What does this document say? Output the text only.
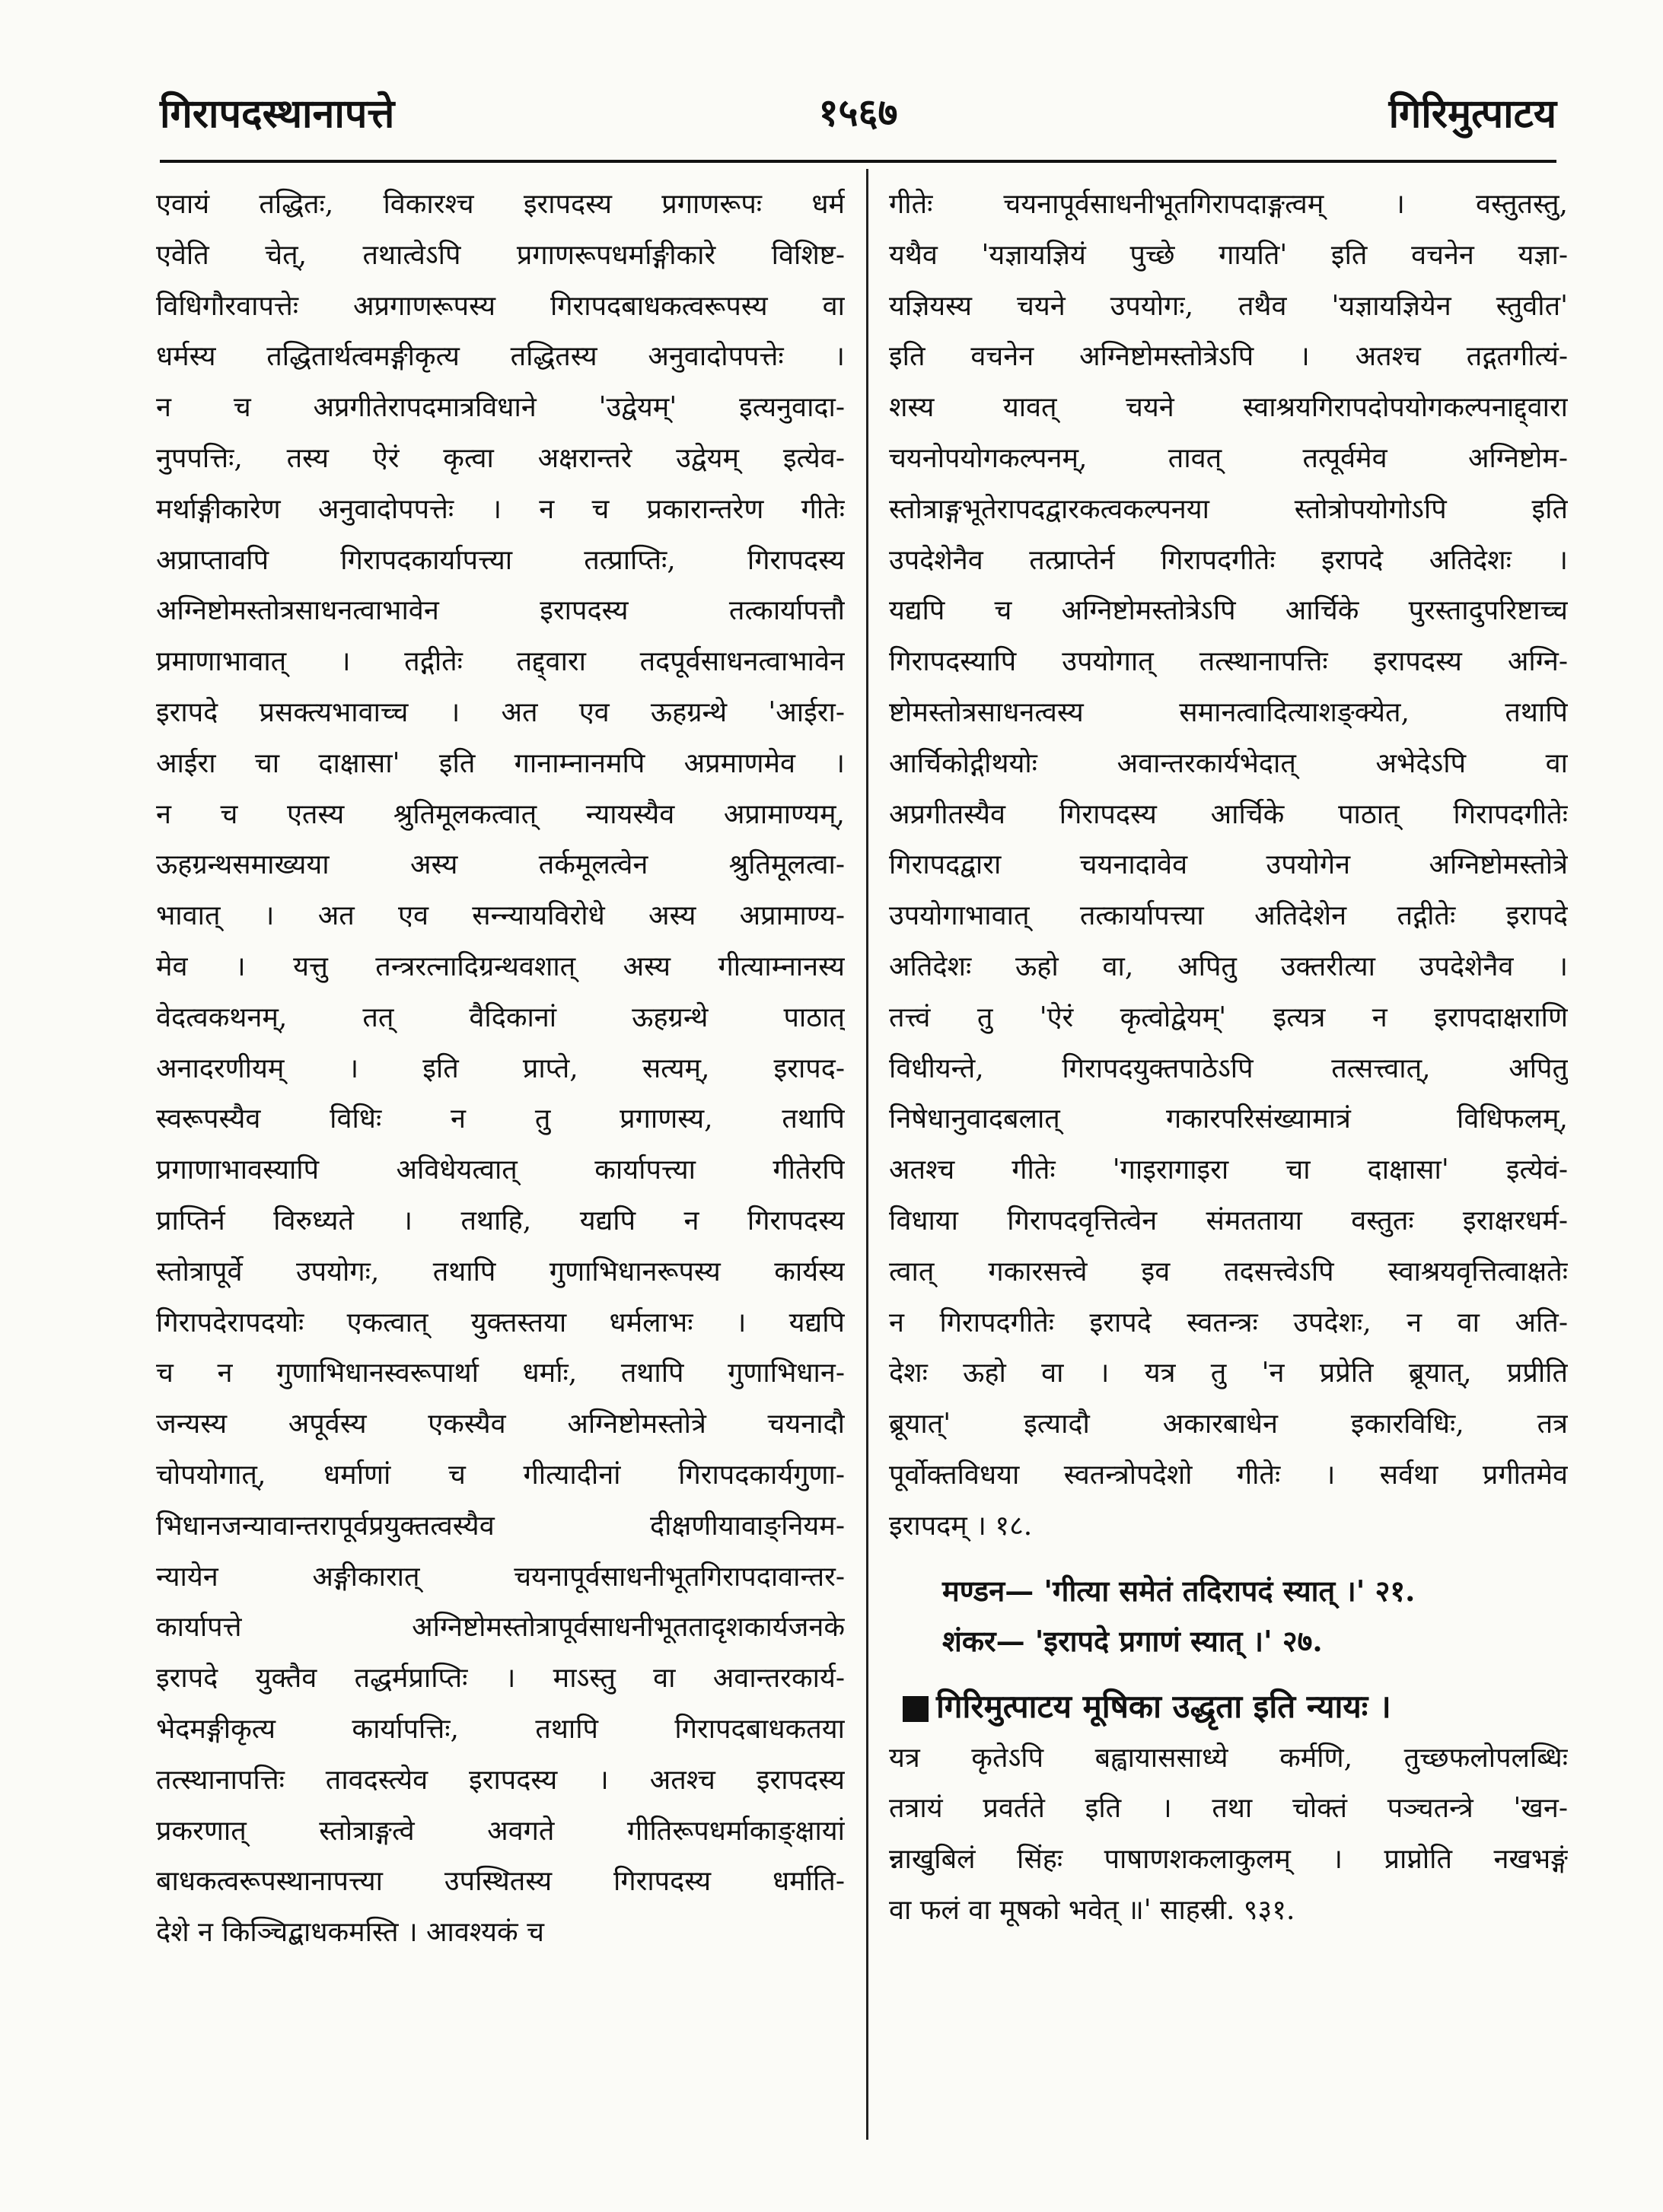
गिरापदस्थानापत्ते	१५६७	गिरिमुत्पाटय
एवायं तद्धितः, विकारश्च इरापदस्य प्रगाणरूपः धर्म
एवेति चेत्, तथात्वेऽपि प्रगाणरूपधर्माङ्गीकारे विशिष्ट-
विधिगौरवापत्तेः अप्रगाणरूपस्य गिरापदबाधकत्वरूपस्य वा
धर्मस्य तद्धितार्थत्वमङ्गीकृत्य तद्धितस्य अनुवादोपपत्तेः ।
न च अप्रगीतेरापदमात्रविधाने 'उद्वेयम्' इत्यनुवादा-
नुपपत्तिः, तस्य ऐरं कृत्वा अक्षरान्तरे उद्वेयम् इत्येव-
मर्थाङ्गीकारेण अनुवादोपपत्तेः । न च प्रकारान्तरेण गीतेः
अप्राप्तावपि गिरापदकार्यापत्त्या तत्प्राप्तिः, गिरापदस्य
अग्निष्टोमस्तोत्रसाधनत्वाभावेन इरापदस्य तत्कार्यापत्तौ
प्रमाणाभावात् । तद्गीतेः तद्द्वारा तदपूर्वसाधनत्वाभावेन
इरापदे प्रसक्त्यभावाच्च । अत एव ऊहग्रन्थे 'आईरा-
आईरा चा दाक्षासा' इति गानाम्नानमपि अप्रमाणमेव ।
न च एतस्य श्रुतिमूलकत्वात् न्यायस्यैव अप्रामाण्यम्,
ऊहग्रन्थसमाख्यया अस्य तर्कमूलत्वेन श्रुतिमूलत्वा-
भावात् । अत एव सन्न्यायविरोधे अस्य अप्रामाण्य-
मेव । यत्तु तन्त्ररत्नादिग्रन्थवशात् अस्य गीत्याम्नानस्य
वेदत्वकथनम्, तत् वैदिकानां ऊहग्रन्थे पाठात्
अनादरणीयम् । इति प्राप्ते, सत्यम्, इरापद-
स्वरूपस्यैव विधिः न तु प्रगाणस्य, तथापि
प्रगाणाभावस्यापि अविधेयत्वात् कार्यापत्त्या गीतेरपि
प्राप्तिर्न विरुध्यते । तथाहि, यद्यपि न गिरापदस्य
स्तोत्रापूर्वे उपयोगः, तथापि गुणाभिधानरूपस्य कार्यस्य
गिरापदेरापदयोः एकत्वात् युक्तस्तया धर्मलाभः । यद्यपि
च न गुणाभिधानस्वरूपार्था धर्माः, तथापि गुणाभिधान-
जन्यस्य अपूर्वस्य एकस्यैव अग्निष्टोमस्तोत्रे चयनादौ
चोपयोगात्, धर्माणां च गीत्यादीनां गिरापदकार्यगुणा-
भिधानजन्यावान्तरापूर्वप्रयुक्तत्वस्यैव दीक्षणीयावाङ्नियम-
न्यायेन अङ्गीकारात् चयनापूर्वसाधनीभूतगिरापदावान्तर-
कार्यापत्ते अग्निष्टोमस्तोत्रापूर्वसाधनीभूततादृशकार्यजनके
इरापदे युक्तैव तद्धर्मप्राप्तिः । माऽस्तु वा अवान्तरकार्य-
भेदमङ्गीकृत्य कार्यापत्तिः, तथापि गिरापदबाधकतया
तत्स्थानापत्तिः तावदस्त्येव इरापदस्य । अतश्च इरापदस्य
प्रकरणात् स्तोत्राङ्गत्वे अवगते गीतिरूपधर्माकाङ्क्षायां
बाधकत्वरूपस्थानापत्त्या उपस्थितस्य गिरापदस्य धर्माति-
देशे न किञ्चिद्बाधकमस्ति । आवश्यकं च
गीतेः चयनापूर्वसाधनीभूतगिरापदाङ्गत्वम् । वस्तुतस्तु,
यथैव 'यज्ञायज्ञियं पुच्छे गायति' इति वचनेन यज्ञा-
यज्ञियस्य चयने उपयोगः, तथैव 'यज्ञायज्ञियेन स्तुवीत'
इति वचनेन अग्निष्टोमस्तोत्रेऽपि । अतश्च तद्गतगीत्यं-
शस्य यावत् चयने स्वाश्रयगिरापदोपयोगकल्पनाद्द्वारा
चयनोपयोगकल्पनम्, तावत् तत्पूर्वमेव अग्निष्टोम-
स्तोत्राङ्गभूतेरापदद्वारकत्वकल्पनया स्तोत्रोपयोगोऽपि इति
उपदेशेनैव तत्प्राप्तेर्न गिरापदगीतेः इरापदे अतिदेशः ।
यद्यपि च अग्निष्टोमस्तोत्रेऽपि आर्चिके पुरस्तादुपरिष्टाच्च
गिरापदस्यापि उपयोगात् तत्स्थानापत्तिः इरापदस्य अग्नि-
ष्टोमस्तोत्रसाधनत्वस्य समानत्वादित्याशङ्क्येत, तथापि
आर्चिकोद्गीथयोः अवान्तरकार्यभेदात् अभेदेऽपि वा
अप्रगीतस्यैव गिरापदस्य आर्चिके पाठात् गिरापदगीतेः
गिरापदद्वारा चयनादावेव उपयोगेन अग्निष्टोमस्तोत्रे
उपयोगाभावात् तत्कार्यापत्त्या अतिदेशेन तद्गीतेः इरापदे
अतिदेशः ऊहो वा, अपितु उक्तरीत्या उपदेशेनैव ।
तत्त्वं तु 'ऐरं कृत्वोद्वेयम्' इत्यत्र न इरापदाक्षराणि
विधीयन्ते, गिरापदयुक्तपाठेऽपि तत्सत्त्वात्, अपितु
निषेधानुवादबलात् गकारपरिसंख्यामात्रं विधिफलम्,
अतश्च गीतेः 'गाइरागाइरा चा दाक्षासा' इत्येवं-
विधाया गिरापदवृत्तित्वेन संमतताया वस्तुतः इराक्षरधर्म-
त्वात् गकारसत्त्वे इव तदसत्त्वेऽपि स्वाश्रयवृत्तित्वाक्षतेः
न गिरापदगीतेः इरापदे स्वतन्त्रः उपदेशः, न वा अति-
देशः ऊहो वा । यत्र तु 'न प्रप्रेति ब्रूयात्, प्रप्रीति
ब्रूयात्' इत्यादौ अकारबाधेन इकारविधिः, तत्र
पूर्वोक्तविधया स्वतन्त्रोपदेशो गीतेः । सर्वथा प्रगीतमेव
इरापदम् । १८.
मण्डन— 'गीत्या समेतं तदिरापदं स्यात् ।' २१.
शंकर— 'इरापदे प्रगाणं स्यात् ।' २७.
गिरिमुत्पाटय मूषिका उद्धृता इति न्यायः ।
यत्र कृतेऽपि बह्वायाससाध्ये कर्मणि, तुच्छफलोपलब्धिः
तत्रायं प्रवर्तते इति । तथा चोक्तं पञ्चतन्त्रे 'खन-
न्नाखुबिलं सिंहः पाषाणशकलाकुलम् । प्राप्नोति नखभङ्गं
वा फलं वा मूषको भवेत् ॥' साहस्री. ९३१.
